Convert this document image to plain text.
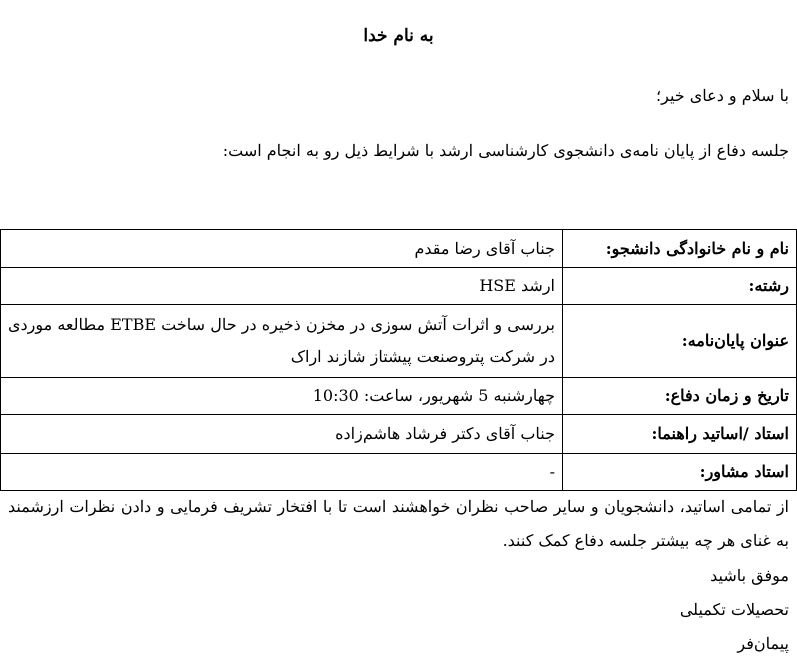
به نام خدا
با سلام و دعای خیر؛
جلسه دفاع از پایان نامه‌ی دانشجوی کارشناسی ارشد با شرایط ذیل رو به انجام است:
نام و نام خانوادگی دانشجو:	جناب آقای رضا مقدم
رشته:	ارشد HSE
عنوان پایان‌نامه:	بررسی و اثرات آتش سوزی در مخزن ذخیره در حال ساخت ETBE مطالعه موردی در شرکت پتروصنعت پیشتاز شازند اراک
تاریخ و زمان دفاع:	چهارشنبه 5 شهریور، ساعت: 10:30
استاد /اساتید راهنما:	جناب آقای دکتر فرشاد هاشم‌زاده
استاد مشاور:	-
از تمامی اساتید، دانشجویان و سایر صاحب نظران خواهشند است تا با افتخار تشریف فرمایی و دادن نظرات ارزشمند به غنای هر چه بیشتر جلسه دفاع کمک کنند.
موفق باشید
تحصیلات تکمیلی
پیمان‌فر
